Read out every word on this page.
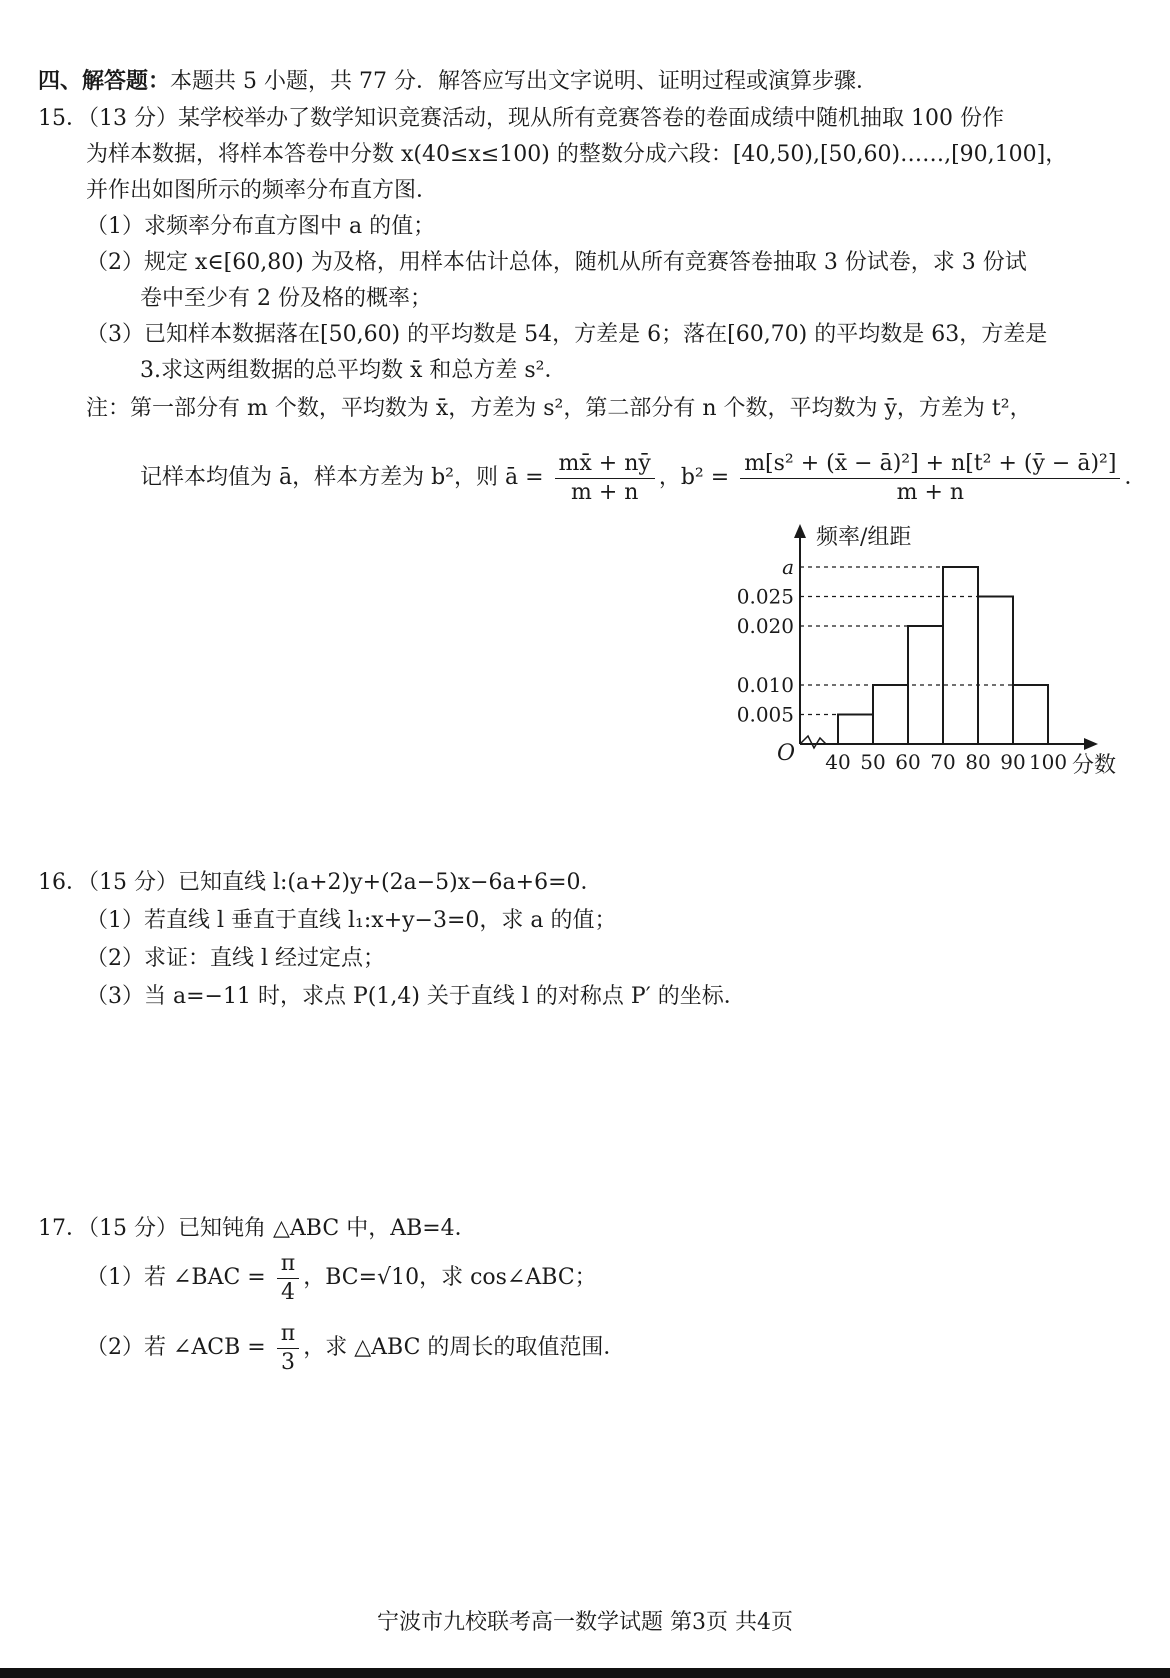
四、解答题：本题共 5 小题，共 77 分．解答应写出文字说明、证明过程或演算步骤．
15．（13 分）某学校举办了数学知识竞赛活动，现从所有竞赛答卷的卷面成绩中随机抽取 100 份作
为样本数据，将样本答卷中分数 x(40≤x≤100) 的整数分成六段：[40,50),[50,60)……,[90,100]，
并作出如图所示的频率分布直方图．
（1）求频率分布直方图中 a 的值；
（2）规定 x∈[60,80) 为及格，用样本估计总体，随机从所有竞赛答卷抽取 3 份试卷，求 3 份试
卷中至少有 2 份及格的概率；
（3）已知样本数据落在[50,60) 的平均数是 54，方差是 6；落在[60,70) 的平均数是 63，方差是
3.求这两组数据的总平均数 x̄ 和总方差 s²．
注：第一部分有 m 个数，平均数为 x̄，方差为 s²，第二部分有 n 个数，平均数为 ȳ，方差为 t²，
记样本均值为 ā，样本方差为 b²，则 ā = $\frac{mx̄ + nȳ}{m + n}$ ，$b^2 = \frac{\text{m[s² + (x̄ − ā)²] + n[t² + (ȳ − ā)²]}}{m + n}$ ．
a
0.025
0.020
0.010
0.005
40 50 60 70 80 90 100
O
频率/组距
分数
16．（15 分）已知直线 l:(a+2)y+(2a−5)x−6a+6=0．
（1）若直线 l 垂直于直线 l₁:x+y−3=0，求 a 的值；
（2）求证：直线 l 经过定点；
（3）当 a=−11 时，求点 P(1,4) 关于直线 l 的对称点 P′ 的坐标．
17．（15 分）已知钝角 △ABC 中，AB=4．
（1）若 ∠BAC = $\frac{\pi}{4}$ ，BC=√10，求 cos∠ABC；
（2）若 ∠ACB = $\frac{\pi}{3}$ ，求 △ABC 的周长的取值范围．
宁波市九校联考高一数学试题 第3页 共4页
